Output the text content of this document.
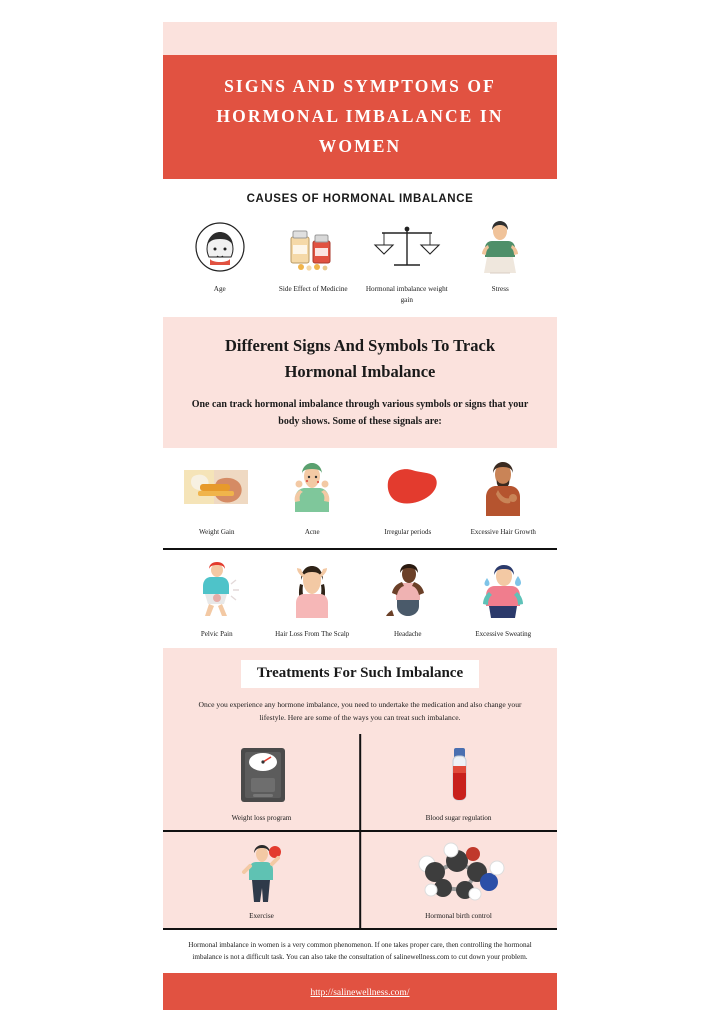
SIGNS AND SYMPTOMS OF HORMONAL IMBALANCE IN WOMEN
CAUSES OF HORMONAL IMBALANCE
Age	Side Effect of Medicine	Hormonal imbalance weight gain
Stress
Different Signs And Symbols To Track Hormonal Imbalance

One can track hormonal imbalance through various symbols or signs that your body shows. Some of these signals are:

Weight Gain	Acne	Irregular periods	Excessive Hair Growth
Pelvic Pain	Hair Loss From The Scalp	Headache	Excessive Sweating
Treatments For Such Imbalance
Once you experience any hormone imbalance, you need to undertake the medication and also change your lifestyle. Here are some of the ways you can treat such imbalance.
Weight loss program	Blood sugar regulation
Exercise	Hormonal birth control
Hormonal imbalance in women is a very common phenomenon. If one takes proper care, then controlling the hormonal imbalance is not a difficult task. You can also take the consultation of salinewellness.com to cut down your problem.
http://salinewellness.com/
